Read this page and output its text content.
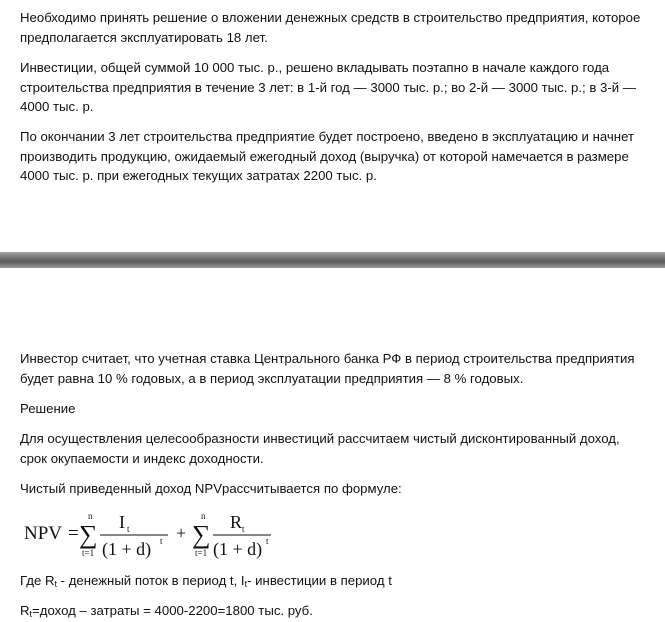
Необходимо принять решение о вложении денежных средств в строительство предприятия, которое предполагается эксплуатировать 18 лет.

Инвестиции, общей суммой 10 000 тыс. р., решено вкладывать поэтапно в начале каждого года строительства предприятия в течение 3 лет: в 1-й год — 3000 тыс. р.; во 2-й — 3000 тыс. р.; в 3-й — 4000 тыс. р.

По окончании 3 лет строительства предприятие будет построено, введено в эксплуатацию и начнет производить продукцию, ожидаемый ежегодный доход (выручка) от которой намечается в размере 4000 тыс. р. при ежегодных текущих затратах 2200 тыс. р.

Инвестор считает, что учетная ставка Центрального банка РФ в период строительства предприятия будет равна 10 % годовых, а в период эксплуатации предприятия — 8 % годовых.

Решение

Для осуществления целесообразности инвестиций рассчитаем чистый дисконтированный доход, срок окупаемости и индекс доходности.

Чистый приведенный доход NPVрассчитывается по формуле:

NPV =
n
∑
t=1
I t
(1 + d) t +
n
∑
t=1
R t
(1 + d) t

Где $R_t$ - денежный поток в период t, $I_t-$ инвестиции в период t

$R_t=доход$ – затраты = 4000-2200=1800 тыс. руб.
